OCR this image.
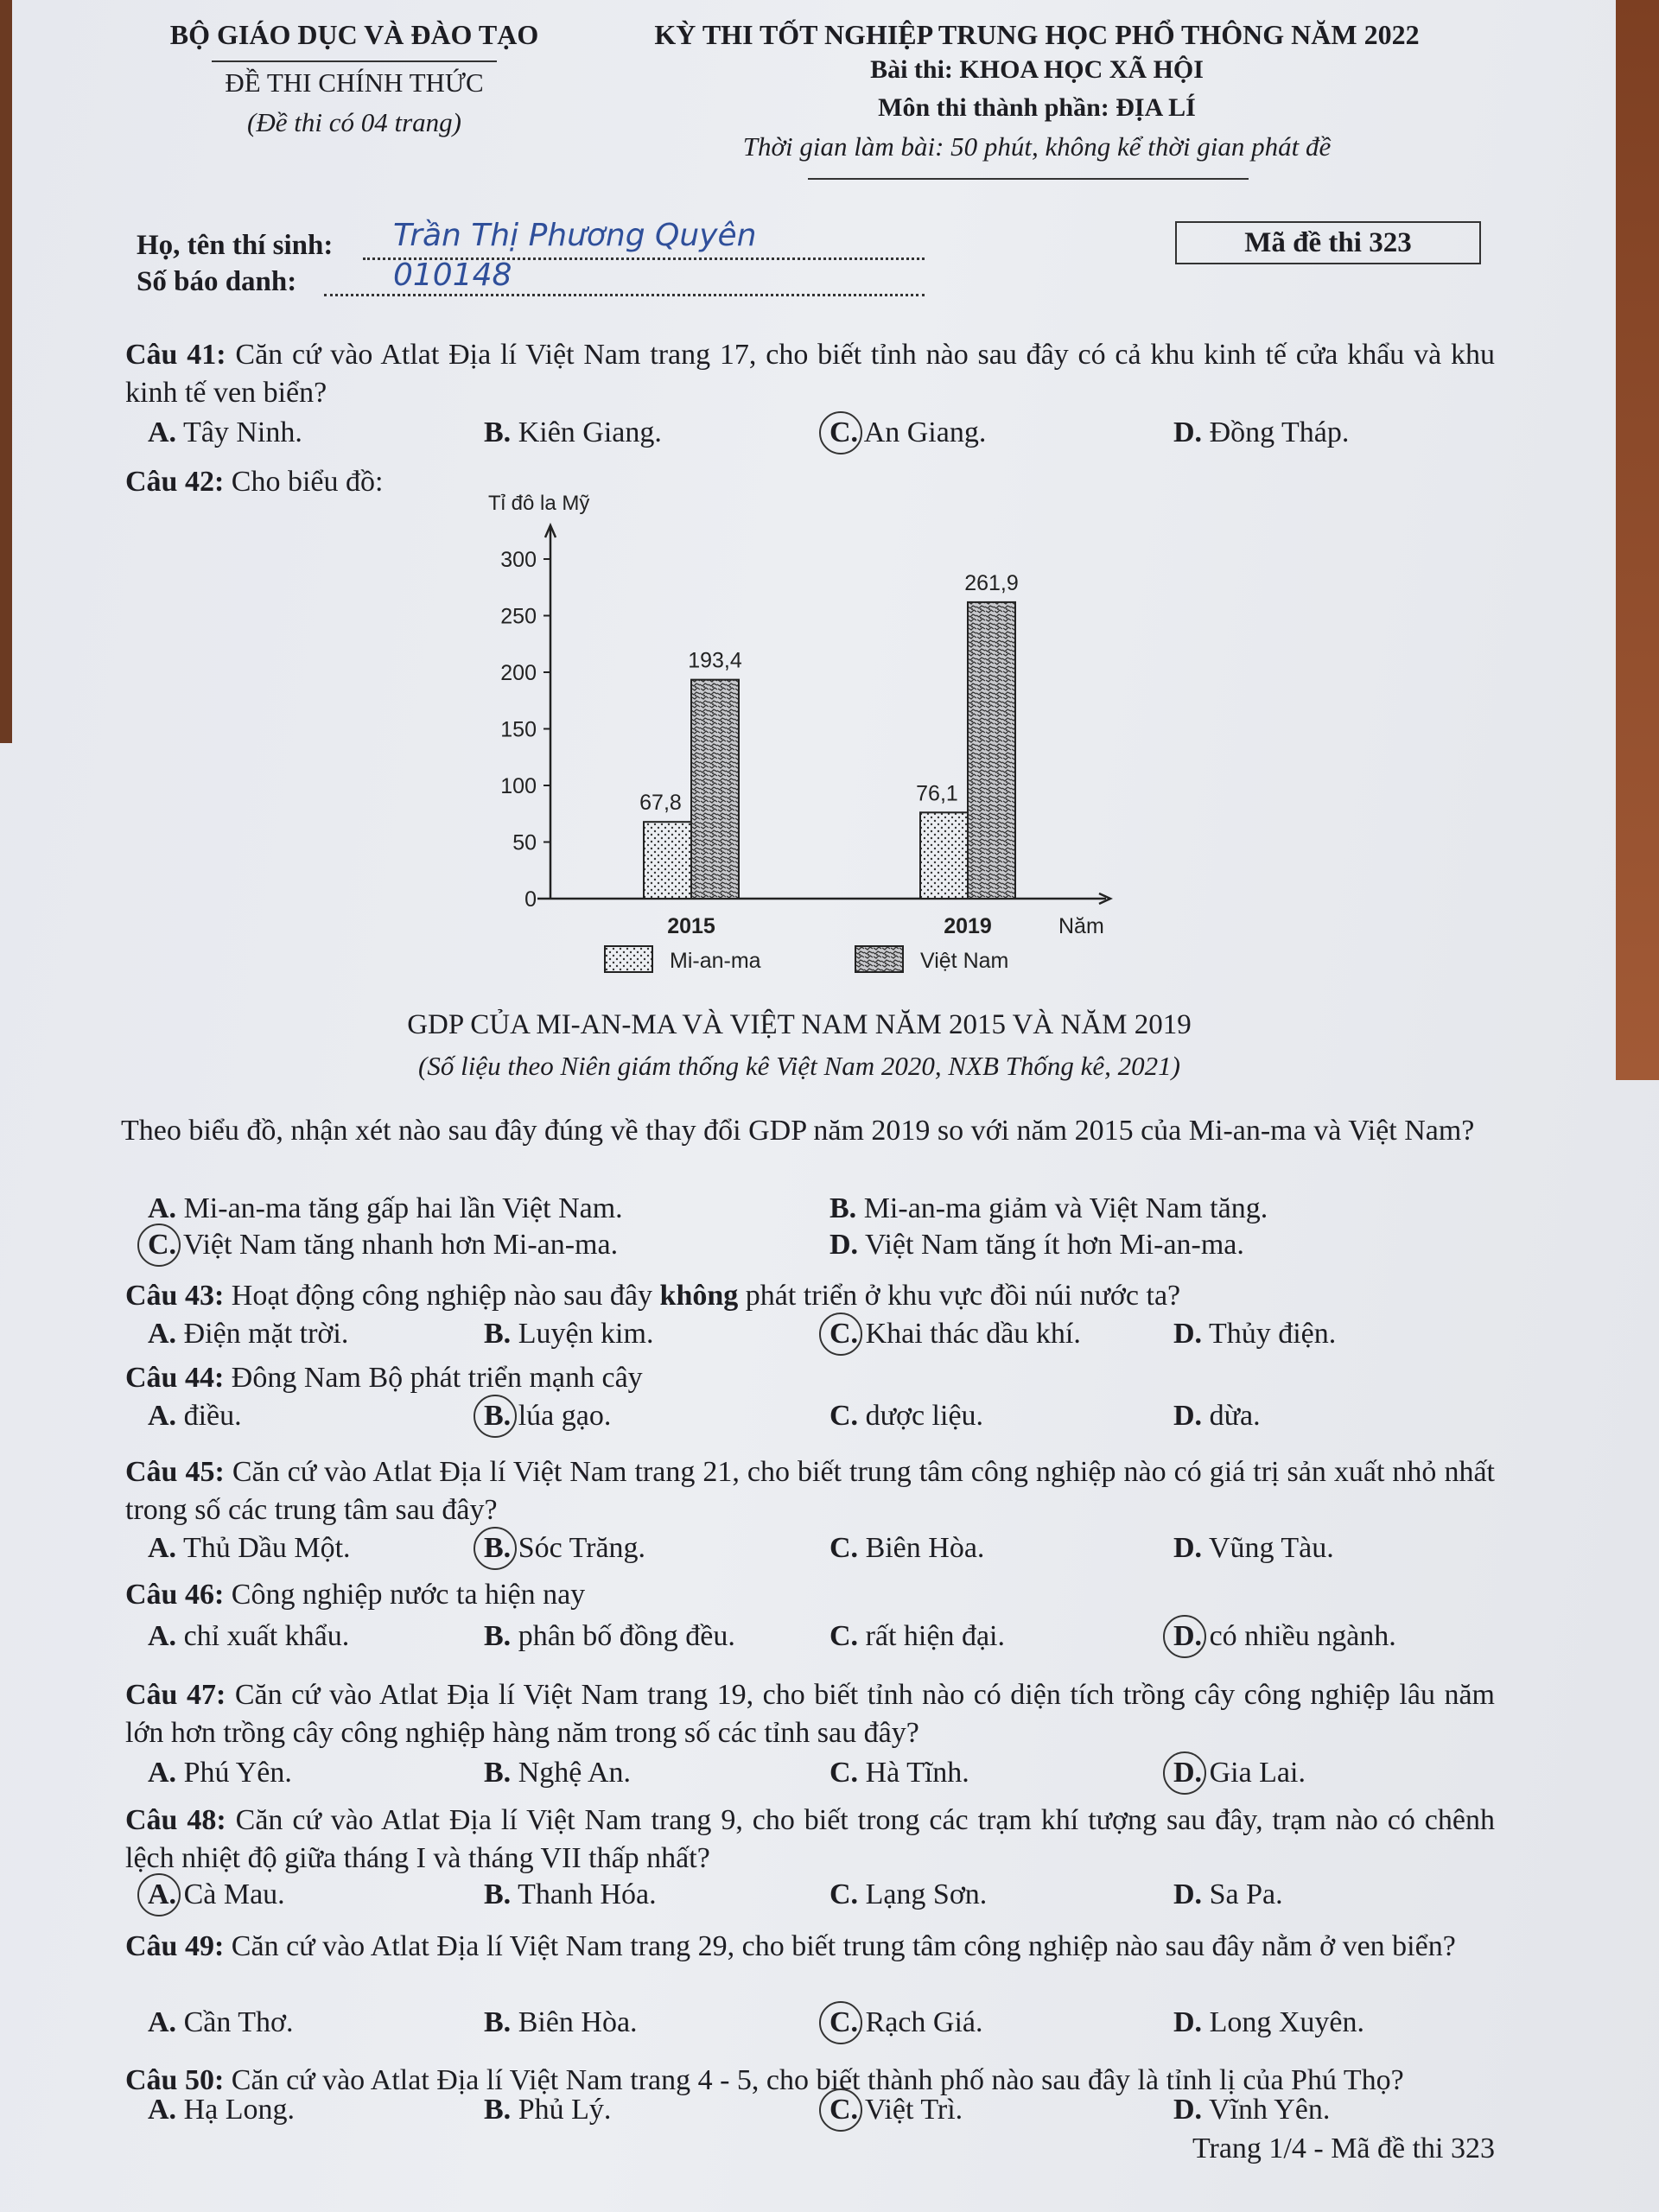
BỘ GIÁO DỤC VÀ ĐÀO TẠO
ĐỀ THI CHÍNH THỨC
(Đề thi có 04 trang)
KỲ THI TỐT NGHIỆP TRUNG HỌC PHỔ THÔNG NĂM 2022
Bài thi: KHOA HỌC XÃ HỘI
Môn thi thành phần: ĐỊA LÍ
Thời gian làm bài: 50 phút, không kể thời gian phát đề
Họ, tên thí sinh: Trần Thị Phương Quyên
Số báo danh:	010148
Mã đề thi 323
Câu 41: Căn cứ vào Atlat Địa lí Việt Nam trang 17, cho biết tỉnh nào sau đây có cả khu kinh tế cửa khẩu và khu kinh tế ven biển?
A. Tây Ninh.	B. Kiên Giang.	C. An Giang.	D. Đồng Tháp.
Câu 42: Cho biểu đồ:
Theo biểu đồ, nhận xét nào sau đây đúng về thay đổi GDP năm 2019 so với năm 2015 của Mi-an-ma và Việt Nam?
A. Mi-an-ma tăng gấp hai lần Việt Nam.	B. Mi-an-ma giảm và Việt Nam tăng.
C. Việt Nam tăng nhanh hơn Mi-an-ma.	D. Việt Nam tăng ít hơn Mi-an-ma.
Câu 43: Hoạt động công nghiệp nào sau đây không phát triển ở khu vực đồi núi nước ta?
A. Điện mặt trời.	B. Luyện kim.	C. Khai thác dầu khí.	D. Thủy điện.
Câu 44: Đông Nam Bộ phát triển mạnh cây
A. điều.	B. lúa gạo.	C. dược liệu.	D. dừa.
Câu 45: Căn cứ vào Atlat Địa lí Việt Nam trang 21, cho biết trung tâm công nghiệp nào có giá trị sản xuất nhỏ nhất trong số các trung tâm sau đây?
A. Thủ Dầu Một.	B. Sóc Trăng.	C. Biên Hòa.	D. Vũng Tàu.
Câu 46: Công nghiệp nước ta hiện nay
A. chỉ xuất khẩu.	B. phân bố đồng đều.	C. rất hiện đại.	D. có nhiều ngành.
Câu 47: Căn cứ vào Atlat Địa lí Việt Nam trang 19, cho biết tỉnh nào có diện tích trồng cây công nghiệp lâu năm lớn hơn trồng cây công nghiệp hàng năm trong số các tỉnh sau đây?
A. Phú Yên.	B. Nghệ An.	C. Hà Tĩnh.	D. Gia Lai.
Câu 48: Căn cứ vào Atlat Địa lí Việt Nam trang 9, cho biết trong các trạm khí tượng sau đây, trạm nào có chênh lệch nhiệt độ giữa tháng I và tháng VII thấp nhất?
A. Cà Mau.	B. Thanh Hóa.	C. Lạng Sơn.	D. Sa Pa.
Câu 49: Căn cứ vào Atlat Địa lí Việt Nam trang 29, cho biết trung tâm công nghiệp nào sau đây nằm ở ven biển?
A. Cần Thơ.	B. Biên Hòa.	C. Rạch Giá.	D. Long Xuyên.
Câu 50: Căn cứ vào Atlat Địa lí Việt Nam trang 4 - 5, cho biết thành phố nào sau đây là tỉnh lị của Phú Thọ?
A. Hạ Long.	B. Phủ Lý.	C. Việt Trì.	D. Vĩnh Yên.
Tỉ đô la Mỹ
0
50
100
150
200
250
300
67,8
193,4
2015
76,1
261,9
2019	Năm
Mi-an-ma	Việt Nam
GDP CỦA MI-AN-MA VÀ VIỆT NAM NĂM 2015 VÀ NĂM 2019
(Số liệu theo Niên giám thống kê Việt Nam 2020, NXB Thống kê, 2021)
Trang 1/4 - Mã đề thi 323
